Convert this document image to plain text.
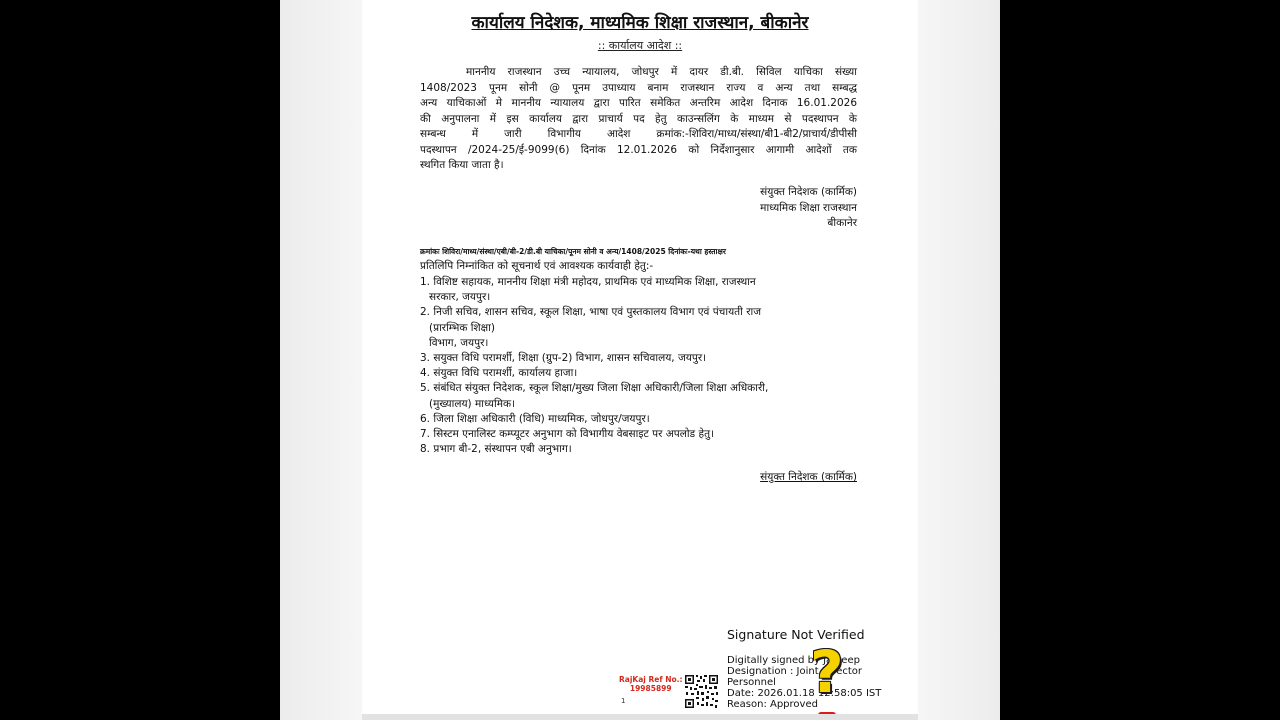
कार्यालय निदेशक, माध्यमिक शिक्षा राजस्थान, बीकानेर
:: कार्यालय आदेश ::
माननीय राजस्थान उच्च न्यायालय, जोधपुर में दायर डी.बी. सिविल याचिका संख्या
1408/2023 पूनम सोनी @ पूनम उपाध्याय बनाम राजस्थान राज्य व अन्य तथा सम्बद्ध
अन्य याचिकाओं मे माननीय न्यायालय द्वारा पारित समेकित अन्तरिम आदेश दिनाक 16.01.2026
की अनुपालना में इस कार्यालय द्वारा प्राचार्य पद हेतु काउन्सलिंग के माध्यम से पदस्थापन के
सम्बन्ध में जारी विभागीय आदेश क्रमांक:-शिविरा/माध्य/संस्था/बी1-बी2/प्राचार्य/डीपीसी
पदस्थापन /2024-25/ई-9099(6) दिनांक 12.01.2026 को निर्देशानुसार आगामी आदेशों तक
स्थगित किया जाता है।
संयुक्त निदेशक (कार्मिक)
माध्यमिक शिक्षा राजस्थान
बीकानेर
क्रमांकः शिविरा/माध्य/संस्था/एबी/बी-2/डी.बी याचिका/पूनम सोनी व अन्य/1408/2025 दिनांकः-यथा हस्ताक्षर
प्रतिलिपि निम्नांकित को सूचनार्थ एवं आवश्यक कार्यवाही हेतु:-
1. विशिष्ट सहायक, माननीय शिक्षा मंत्री महोदय, प्राथमिक एवं माध्यमिक शिक्षा, राजस्थान
सरकार, जयपुर।
2. निजी सचिव, शासन सचिव, स्कूल शिक्षा, भाषा एवं पुस्तकालय विभाग एवं पंचायती राज
(प्रारम्भिक शिक्षा)
विभाग, जयपुर।
3. सयुक्त विधि परामर्शी, शिक्षा (ग्रुप-2) विभाग, शासन सचिवालय, जयपुर।
4. संयुक्त विधि परामर्शी, कार्यालय हाजा।
5. संबंधित संयुक्त निदेशक, स्कूल शिक्षा/मुख्य जिला शिक्षा अधिकारी/जिला शिक्षा अधिकारी,
(मुख्यालय) माध्यमिक।
6. जिला शिक्षा अधिकारी (विधि) माध्यमिक, जोधपुर/जयपुर।
7. सिस्टम एनालिस्ट कम्प्यूटर अनुभाग को विभागीय वेबसाइट पर अपलोड हेतु।
8. प्रभाग बी-2, संस्थापन एबी अनुभाग।
संयुक्त निदेशक (कार्मिक)
RajKaj Ref No.:
19985899
1
Signature Not Verified
Digitally signed by Jaideep
Designation : Joint Director
Personnel
Date: 2026.01.18 12:58:05 IST
Reason: Approved
?
